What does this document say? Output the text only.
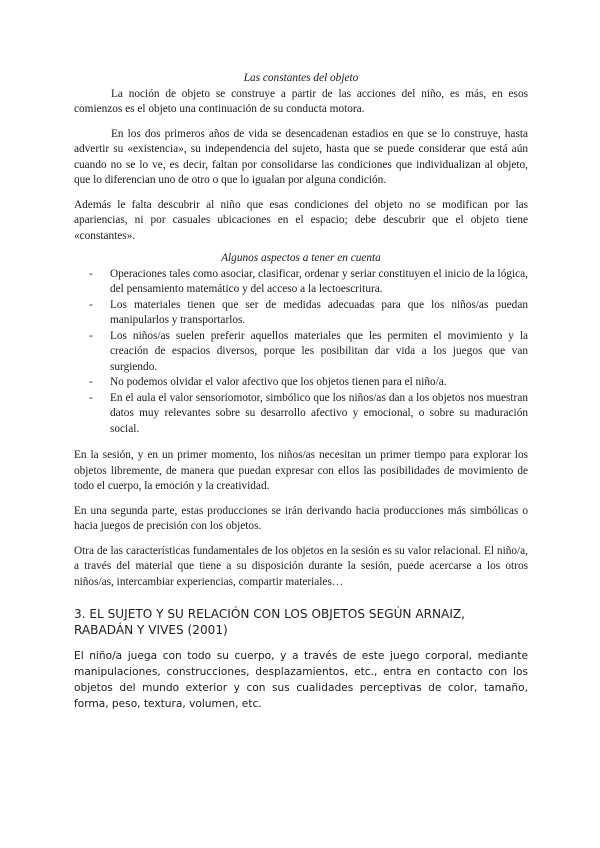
Las constantes del objeto

La noción de objeto se construye a partir de las acciones del niño, es más, en esos comienzos es el objeto una continuación de su conducta motora.

En los dos primeros años de vida se desencadenan estadios en que se lo construye, hasta advertir su «existencia», su independencia del sujeto, hasta que se puede considerar que está aún cuando no se lo ve, es decir, faltan por consolidarse las condiciones que individualizan al objeto, que lo diferencian uno de otro o que lo igualan por alguna condición.

Además le falta descubrir al niño que esas condiciones del objeto no se modifican por las apariencias, ni por casuales ubicaciones en el espacio; debe descubrir que el objeto tiene «constantes».

Algunos aspectos a tener en cuenta

-	Operaciones tales como asociar, clasificar, ordenar y seriar constituyen el inicio de la lógica, del pensamiento matemático y del acceso a la lectoescritura.
-	Los materiales tienen que ser de medidas adecuadas para que los niños/as puedan manipularlos y transportarlos.
-	Los niños/as suelen preferir aquellos materiales que les permiten el movimiento y la creación de espacios diversos, porque les posibilitan dar vida a los juegos que van surgiendo.
-	No podemos olvidar el valor afectivo que los objetos tienen para el niño/a.
-	En el aula el valor sensoriomotor, simbólico que los niños/as dan a los objetos nos muestran datos muy relevantes sobre su desarrollo afectivo y emocional, o sobre su maduración social.

En la sesión, y en un primer momento, los niños/as necesitan un primer tiempo para explorar los objetos libremente, de manera que puedan expresar con ellos las posibilidades de movimiento de todo el cuerpo, la emoción y la creatividad.

En una segunda parte, estas producciones se irán derivando hacia producciones más simbólicas o hacia juegos de precisión con los objetos.

Otra de las características fundamentales de los objetos en la sesión es su valor relacional. El niño/a, a través del material que tiene a su disposición durante la sesión, puede acercarse a los otros niños/as, intercambiar experiencias, compartir materiales…

3. EL SUJETO Y SU RELACIÓN CON LOS OBJETOS SEGÚN ARNAIZ, RABADÁN Y VIVES (2001)

El niño/a juega con todo su cuerpo, y a través de este juego corporal, mediante manipulaciones, construcciones, desplazamientos, etc., entra en contacto con los objetos del mundo exterior y con sus cualidades perceptivas de color, tamaño, forma, peso, textura, volumen, etc.
